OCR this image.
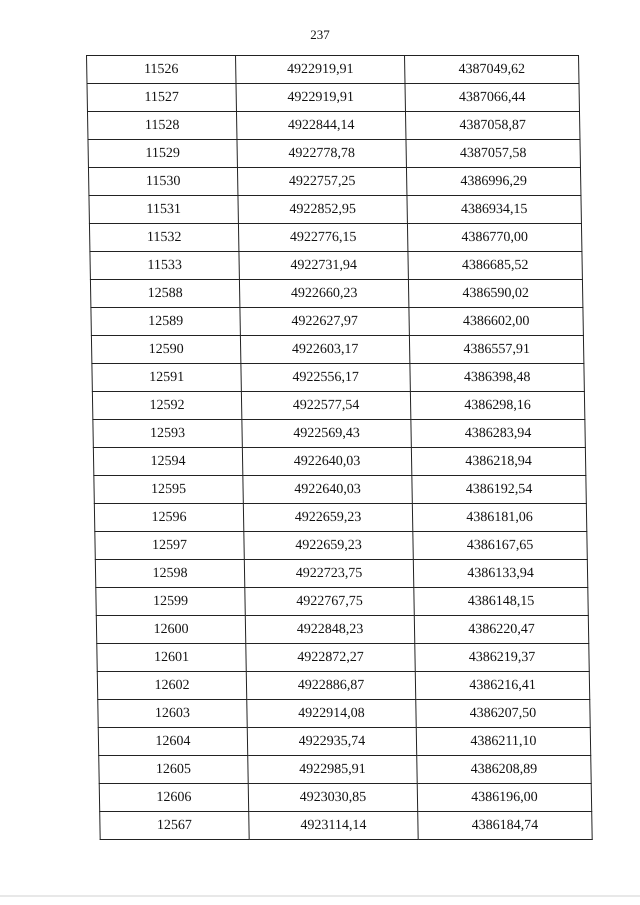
237
11526	4922919,91	4387049,62
11527	4922919,91	4387066,44
11528	4922844,14	4387058,87
11529	4922778,78	4387057,58
11530	4922757,25	4386996,29
11531	4922852,95	4386934,15
11532	4922776,15	4386770,00
11533	4922731,94	4386685,52
12588	4922660,23	4386590,02
12589	4922627,97	4386602,00
12590	4922603,17	4386557,91
12591	4922556,17	4386398,48
12592	4922577,54	4386298,16
12593	4922569,43	4386283,94
12594	4922640,03	4386218,94
12595	4922640,03	4386192,54
12596	4922659,23	4386181,06
12597	4922659,23	4386167,65
12598	4922723,75	4386133,94
12599	4922767,75	4386148,15
12600	4922848,23	4386220,47
12601	4922872,27	4386219,37
12602	4922886,87	4386216,41
12603	4922914,08	4386207,50
12604	4922935,74	4386211,10
12605	4922985,91	4386208,89
12606	4923030,85	4386196,00
12567	4923114,14	4386184,74
